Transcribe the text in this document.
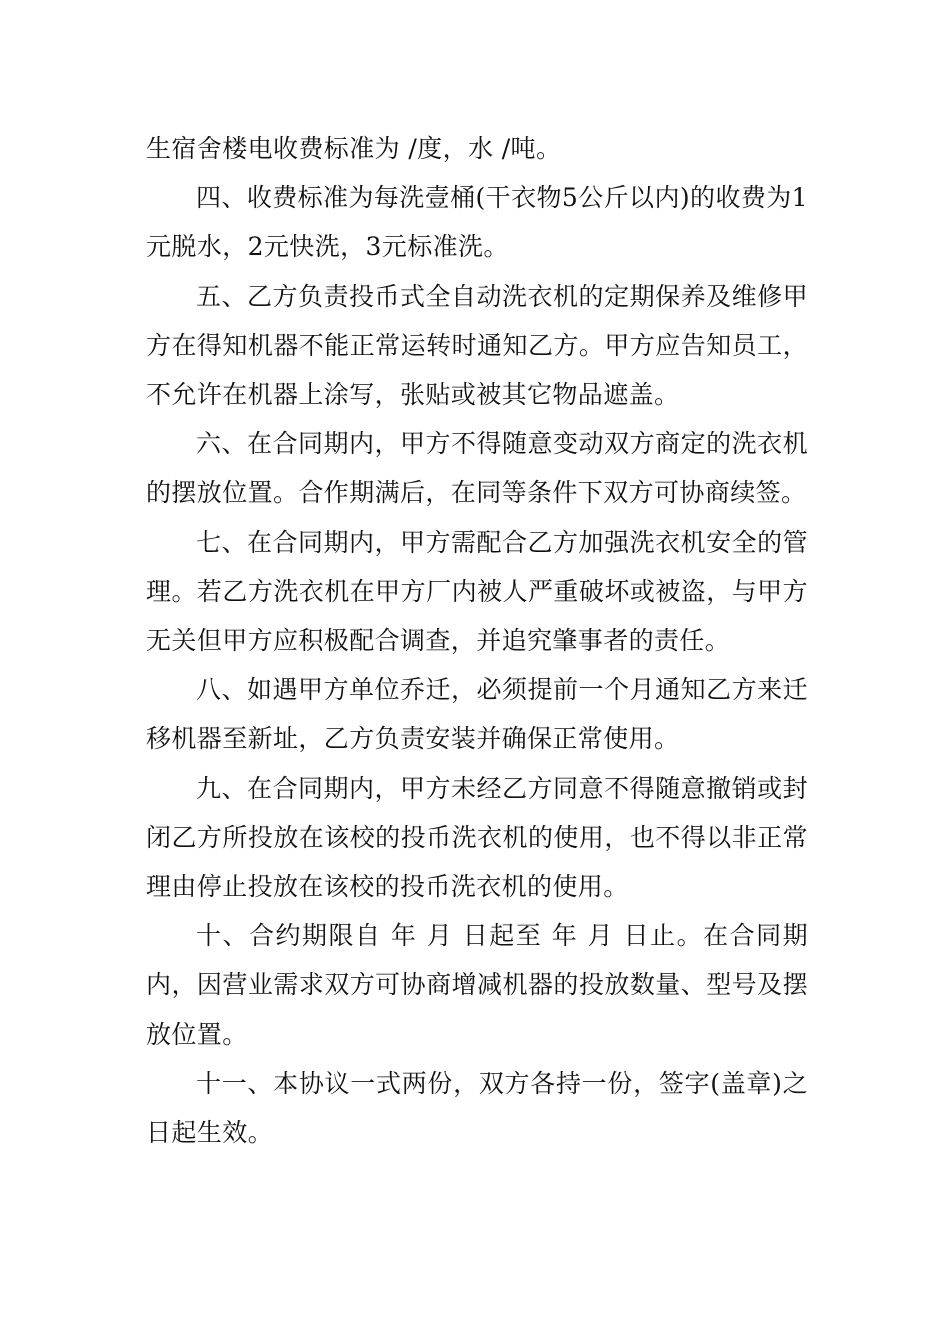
生宿舍楼电收费标准为 /度，水 /吨。

四、收费标准为每洗壹桶(干衣物5公斤以内)的收费为1元脱水，2元快洗，3元标准洗。

五、乙方负责投币式全自动洗衣机的定期保养及维修甲方在得知机器不能正常运转时通知乙方。甲方应告知员工，不允许在机器上涂写，张贴或被其它物品遮盖。

六、在合同期内，甲方不得随意变动双方商定的洗衣机的摆放位置。合作期满后，在同等条件下双方可协商续签。

七、在合同期内，甲方需配合乙方加强洗衣机安全的管理。若乙方洗衣机在甲方厂内被人严重破坏或被盗，与甲方无关但甲方应积极配合调查，并追究肇事者的责任。

八、如遇甲方单位乔迁，必须提前一个月通知乙方来迁移机器至新址，乙方负责安装并确保正常使用。

九、在合同期内，甲方未经乙方同意不得随意撤销或封闭乙方所投放在该校的投币洗衣机的使用，也不得以非正常理由停止投放在该校的投币洗衣机的使用。

十、合约期限自 年 月 日起至 年 月 日止。在合同期内，因营业需求双方可协商增减机器的投放数量、型号及摆放位置。

十一、本协议一式两份，双方各持一份，签字(盖章)之日起生效。
